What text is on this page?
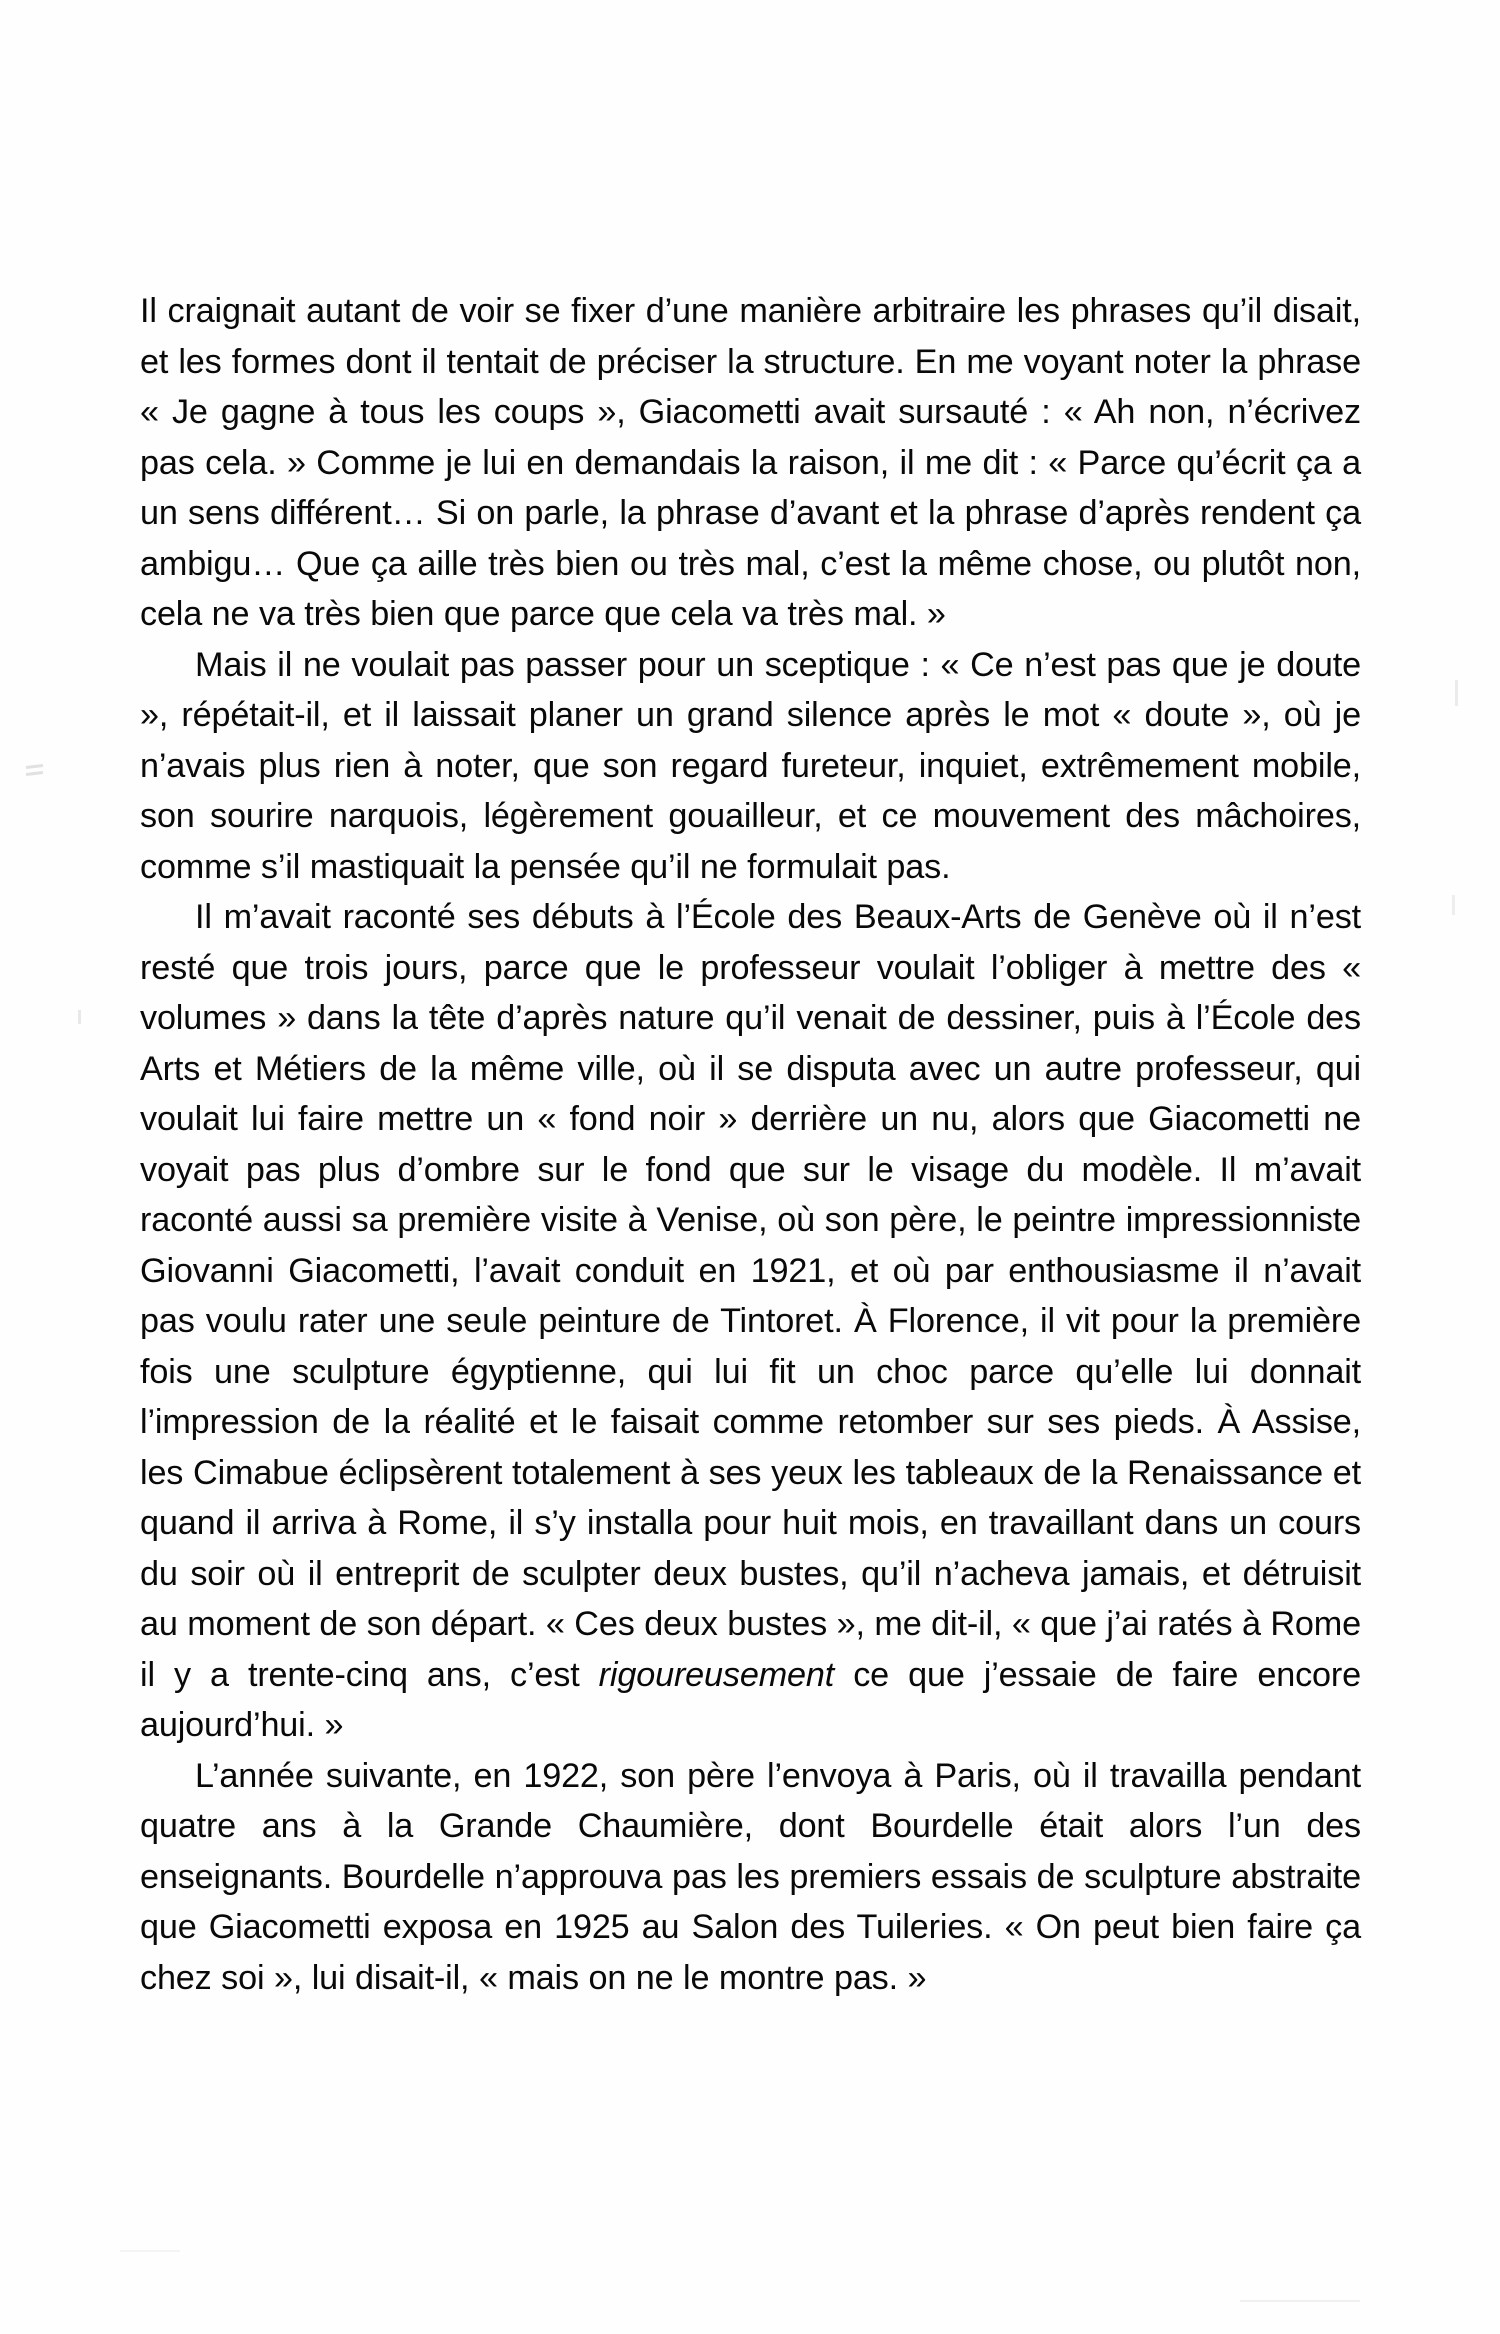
Il craignait autant de voir se fixer d’une manière arbitraire les phrases qu’il disait, et les formes dont il tentait de préciser la structure. En me voyant noter la phrase « Je gagne à tous les coups », Giacometti avait sursauté : « Ah non, n’écrivez pas cela. » Comme je lui en demandais la raison, il me dit : « Parce qu’écrit ça a un sens différent… Si on parle, la phrase d’avant et la phrase d’après rendent ça ambigu… Que ça aille très bien ou très mal, c’est la même chose, ou plutôt non, cela ne va très bien que parce que cela va très mal. »

Mais il ne voulait pas passer pour un sceptique : « Ce n’est pas que je doute », répétait-il, et il laissait planer un grand silence après le mot « doute », où je n’avais plus rien à noter, que son regard fureteur, inquiet, extrêmement mobile, son sourire narquois, légèrement gouailleur, et ce mouvement des mâchoires, comme s’il mastiquait la pensée qu’il ne formulait pas.

Il m’avait raconté ses débuts à l’École des Beaux-Arts de Genève où il n’est resté que trois jours, parce que le professeur voulait l’obliger à mettre des « volumes » dans la tête d’après nature qu’il venait de dessiner, puis à l’École des Arts et Métiers de la même ville, où il se disputa avec un autre professeur, qui voulait lui faire mettre un « fond noir » derrière un nu, alors que Giacometti ne voyait pas plus d’ombre sur le fond que sur le visage du modèle. Il m’avait raconté aussi sa première visite à Venise, où son père, le peintre impressionniste Giovanni Giacometti, l’avait conduit en 1921, et où par enthousiasme il n’avait pas voulu rater une seule peinture de Tintoret. À Florence, il vit pour la première fois une sculpture égyptienne, qui lui fit un choc parce qu’elle lui donnait l’impression de la réalité et le faisait comme retomber sur ses pieds. À Assise, les Cimabue éclipsèrent totalement à ses yeux les tableaux de la Renaissance et quand il arriva à Rome, il s’y installa pour huit mois, en travaillant dans un cours du soir où il entreprit de sculpter deux bustes, qu’il n’acheva jamais, et détruisit au moment de son départ. « Ces deux bustes », me dit-il, « que j’ai ratés à Rome il y a trente-cinq ans, c’est rigoureusement ce que j’essaie de faire encore aujourd’hui. »

L’année suivante, en 1922, son père l’envoya à Paris, où il travailla pendant quatre ans à la Grande Chaumière, dont Bourdelle était alors l’un des enseignants. Bourdelle n’approuva pas les premiers essais de sculpture abstraite que Giacometti exposa en 1925 au Salon des Tuileries. « On peut bien faire ça chez soi », lui disait-il, « mais on ne le montre pas. »
